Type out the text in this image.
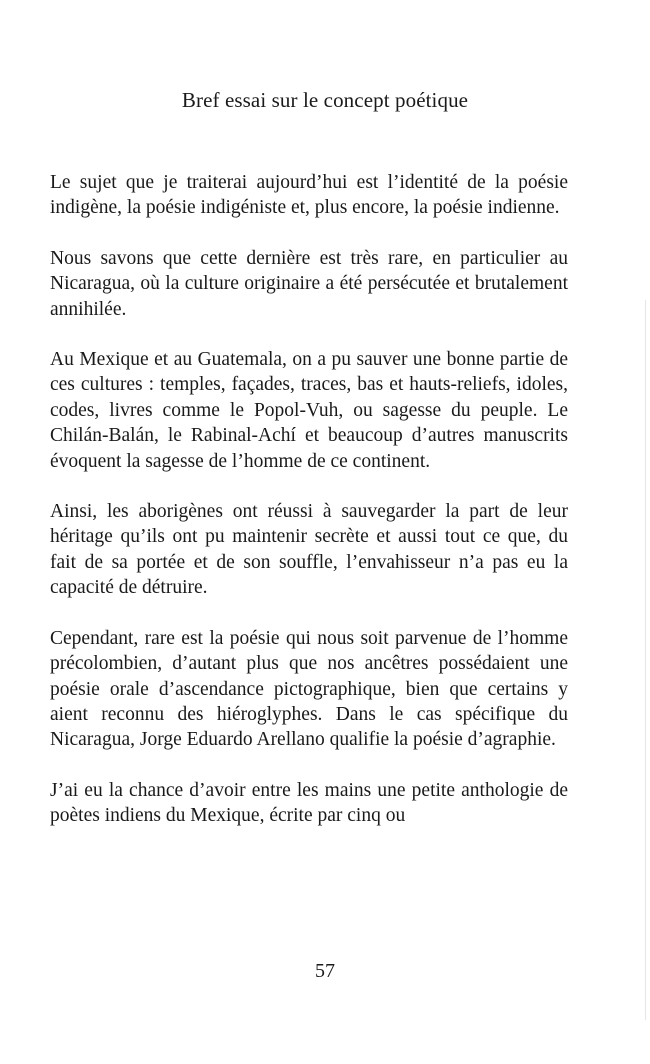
Bref essai sur le concept poétique

Le sujet que je traiterai aujourd’hui est l’identité de la poésie indigène, la poésie indigéniste et, plus encore, la poésie indienne.

Nous savons que cette dernière est très rare, en particulier au Nicaragua, où la culture originaire a été persécutée et brutalement annihilée.

Au Mexique et au Guatemala, on a pu sauver une bonne partie de ces cultures : temples, façades, traces, bas et hauts-reliefs, idoles, codes, livres comme le Popol-Vuh, ou sagesse du peuple. Le Chilán-Balán, le Rabinal-Achí et beaucoup d’autres manuscrits évoquent la sagesse de l’homme de ce continent.

Ainsi, les aborigènes ont réussi à sauvegarder la part de leur héritage qu’ils ont pu maintenir secrète et aussi tout ce que, du fait de sa portée et de son souffle, l’envahisseur n’a pas eu la capacité de détruire.

Cependant, rare est la poésie qui nous soit parvenue de l’homme précolombien, d’autant plus que nos ancêtres possédaient une poésie orale d’ascendance pictographique, bien que certains y aient reconnu des hiéroglyphes. Dans le cas spécifique du Nicaragua, Jorge Eduardo Arellano qualifie la poésie d’agraphie.

J’ai eu la chance d’avoir entre les mains une petite anthologie de poètes indiens du Mexique, écrite par cinq ou

57
